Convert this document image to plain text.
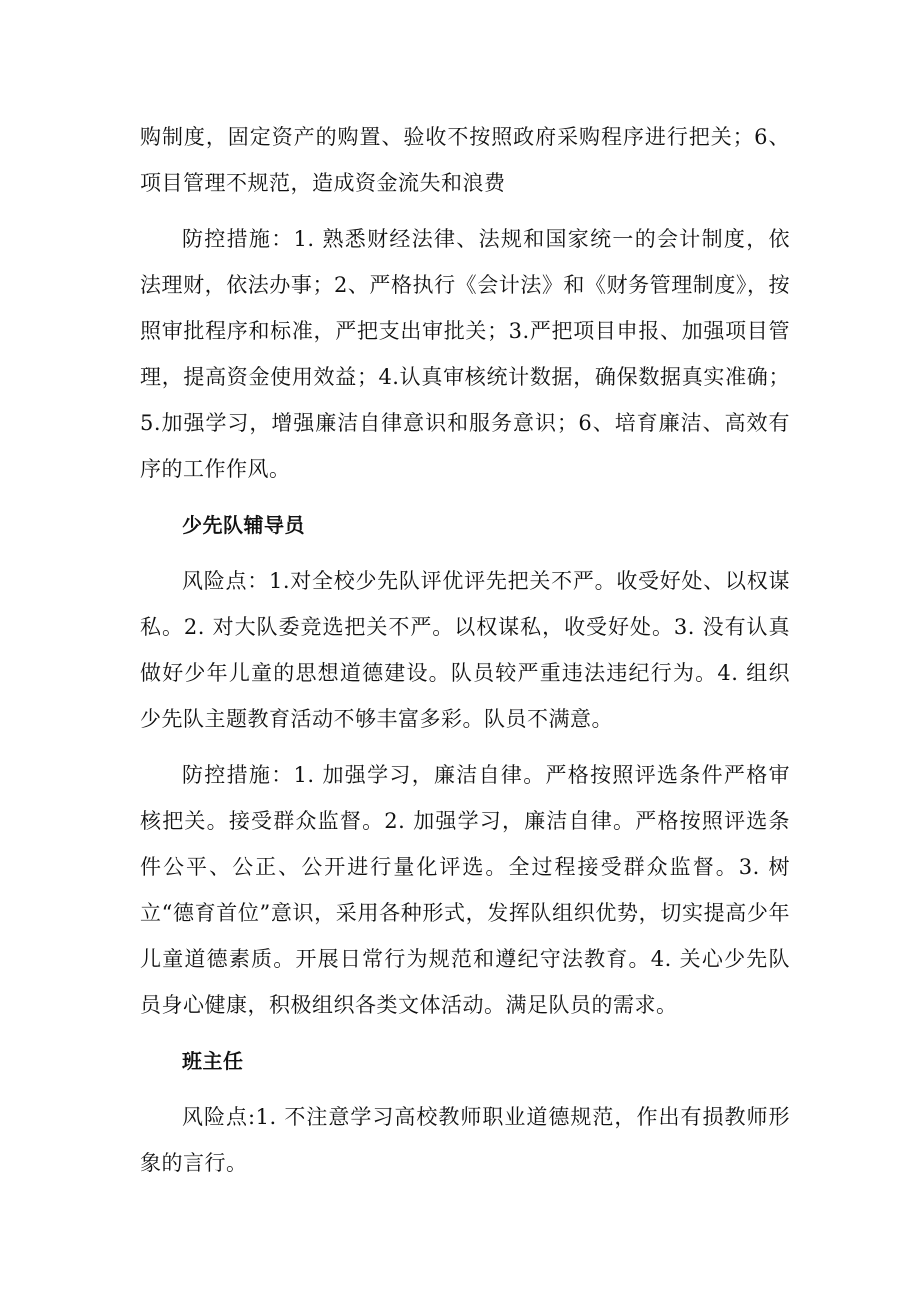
购制度，固定资产的购置、验收不按照政府采购程序进行把关；6、项目管理不规范，造成资金流失和浪费

防控措施：1. 熟悉财经法律、法规和国家统一的会计制度，依法理财，依法办事；2、严格执行《会计法》和《财务管理制度》，按照审批程序和标准，严把支出审批关；3.严把项目申报、加强项目管理，提高资金使用效益；4.认真审核统计数据，确保数据真实准确；5.加强学习，增强廉洁自律意识和服务意识；6、培育廉洁、高效有序的工作作风。

少先队辅导员

风险点：1.对全校少先队评优评先把关不严。收受好处、以权谋私。2. 对大队委竞选把关不严。以权谋私，收受好处。3. 没有认真做好少年儿童的思想道德建设。队员较严重违法违纪行为。4. 组织少先队主题教育活动不够丰富多彩。队员不满意。

防控措施：1. 加强学习，廉洁自律。严格按照评选条件严格审核把关。接受群众监督。2. 加强学习，廉洁自律。严格按照评选条件公平、公正、公开进行量化评选。全过程接受群众监督。3. 树立“德育首位”意识，采用各种形式，发挥队组织优势，切实提高少年儿童道德素质。开展日常行为规范和遵纪守法教育。4. 关心少先队员身心健康，积极组织各类文体活动。满足队员的需求。

班主任

风险点:1. 不注意学习高校教师职业道德规范，作出有损教师形象的言行。
